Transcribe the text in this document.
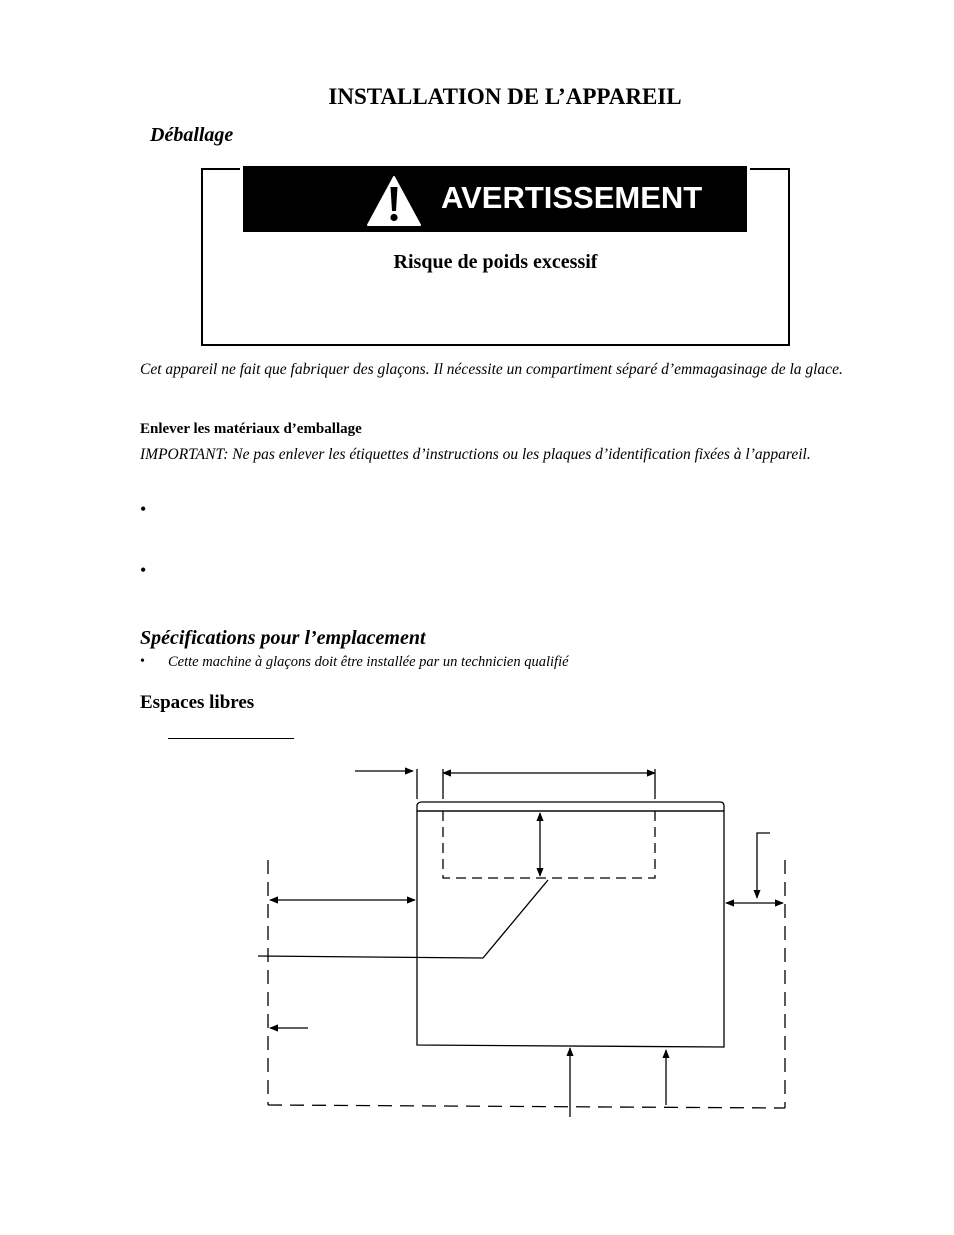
INSTALLATION DE L’APPAREIL
Déballage
AVERTISSEMENT
Risque de poids excessif
Cet appareil ne fait que fabriquer des glaçons. Il nécessite un compartiment séparé d’emmagasinage de la glace.
Enlever les matériaux d’emballage
IMPORTANT: Ne pas enlever les étiquettes d’instructions ou les plaques d’identification fixées à l’appareil.
•
•
Spécifications pour l’emplacement
• Cette machine à glaçons doit être installée par un technicien qualifié
Espaces libres
